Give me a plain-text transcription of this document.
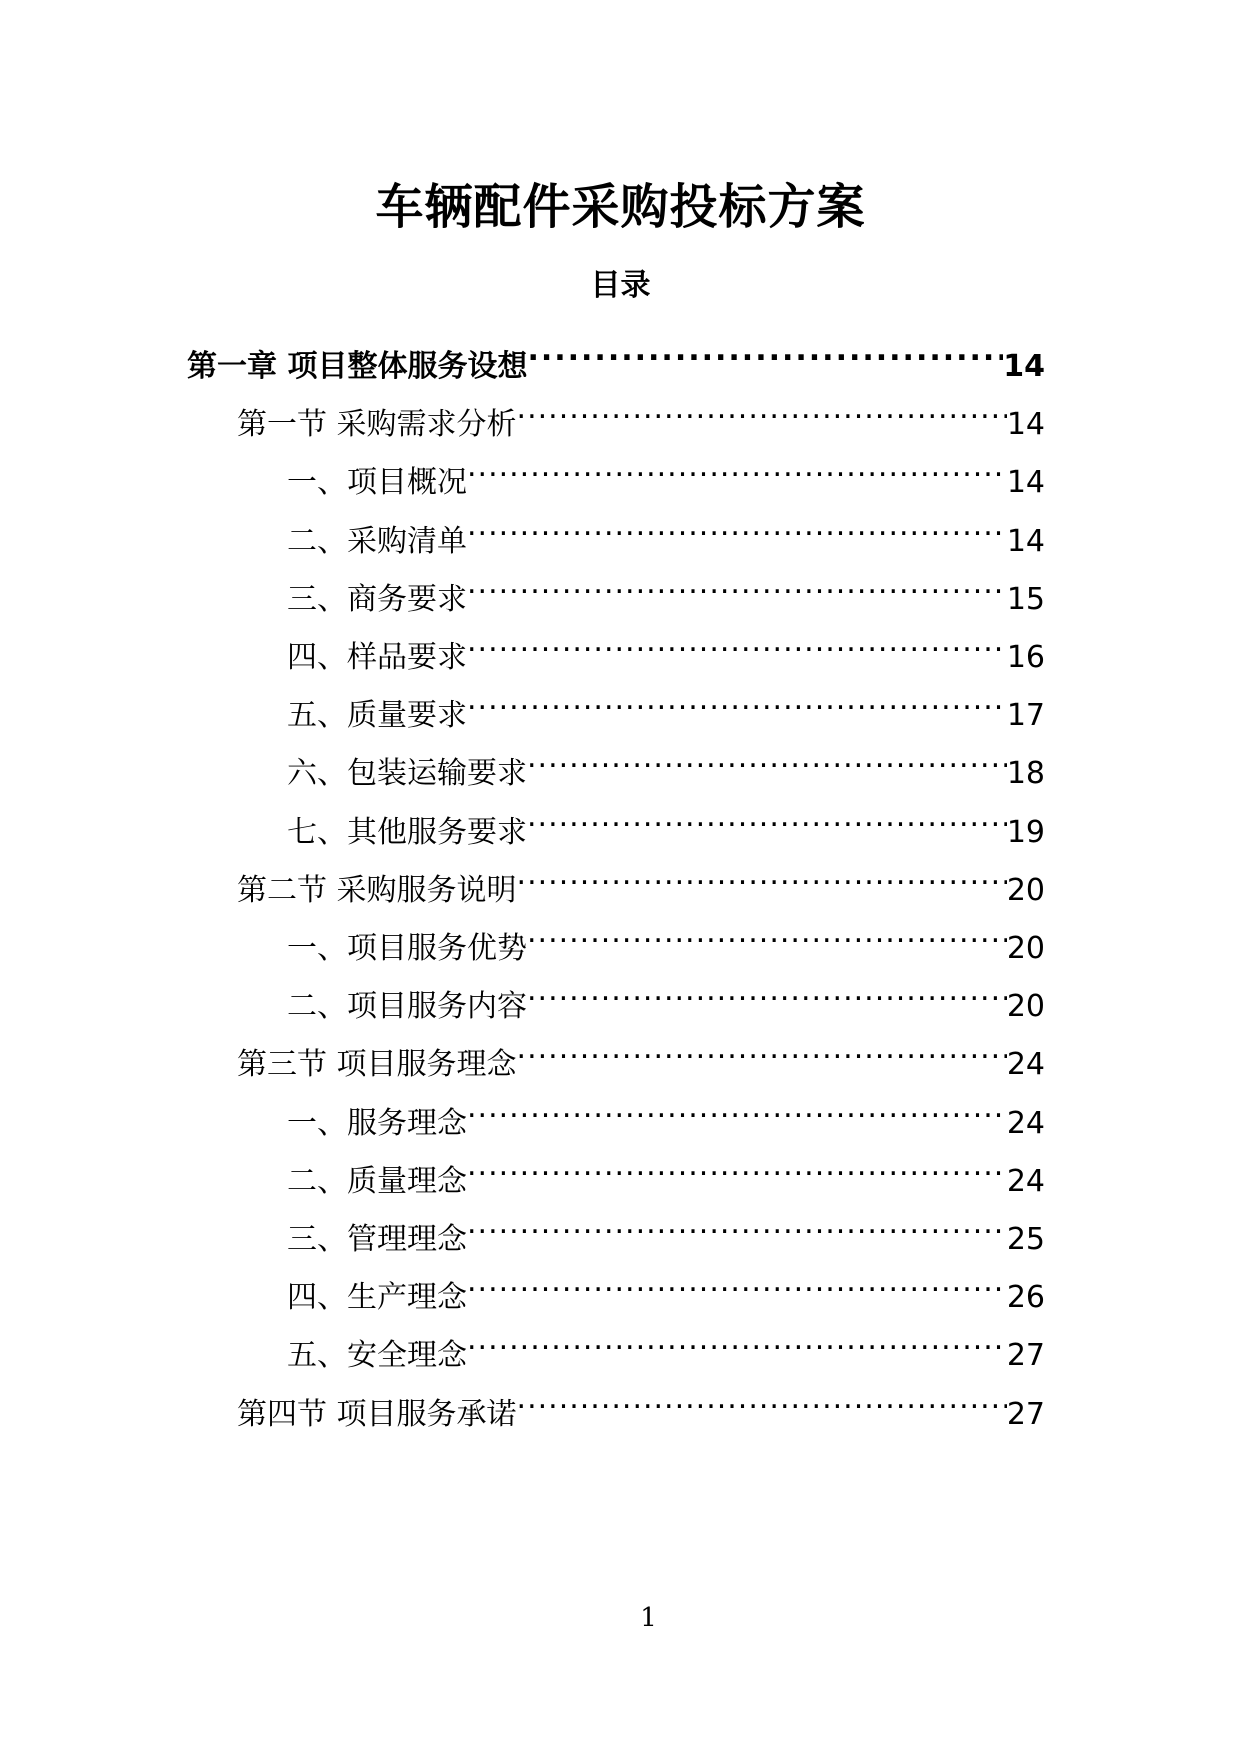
车辆配件采购投标方案
目录
第一章 项目整体服务设想 .....	14
第一节 采购需求分析 .....	14
一、项目概况 .....	14
二、采购清单 .....	14
三、商务要求 .....	15
四、样品要求 .....	16
五、质量要求 .....	17
六、包装运输要求 .....	18
七、其他服务要求 .....	19
第二节 采购服务说明 .....	20
一、项目服务优势 .....	20
二、项目服务内容 .....	20
第三节 项目服务理念 .....	24
一、服务理念 .....	24
二、质量理念 .....	24
三、管理理念 .....	25
四、生产理念 .....	26
五、安全理念 .....	27
第四节 项目服务承诺 .....	27
1
